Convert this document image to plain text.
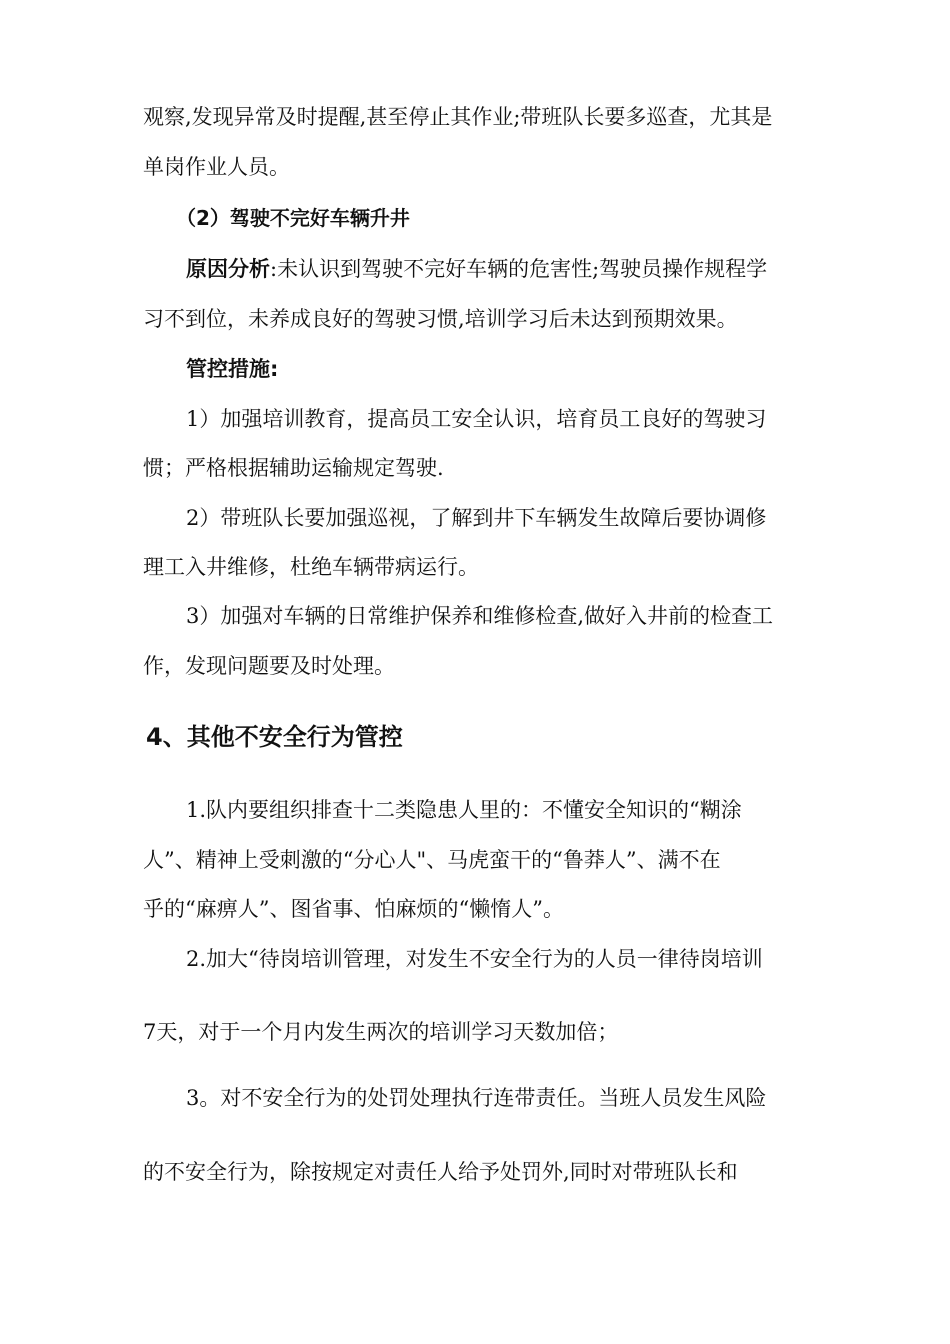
观察,发现异常及时提醒,甚至停止其作业;带班队长要多巡查，尤其是
单岗作业人员。
（2）驾驶不完好车辆升井
原因分析:未认识到驾驶不完好车辆的危害性;驾驶员操作规程学
习不到位，未养成良好的驾驶习惯,培训学习后未达到预期效果。
管控措施:
1）加强培训教育，提高员工安全认识，培育员工良好的驾驶习
惯；严格根据辅助运输规定驾驶.
2）带班队长要加强巡视，了解到井下车辆发生故障后要协调修
理工入井维修，杜绝车辆带病运行。
3）加强对车辆的日常维护保养和维修检查,做好入井前的检查工
作，发现问题要及时处理。
4、其他不安全行为管控
1.队内要组织排查十二类隐患人里的：不懂安全知识的“糊涂
人”、精神上受刺激的“分心人"、马虎蛮干的“鲁莽人”、满不在
乎的“麻痹人”、图省事、怕麻烦的“懒惰人”。
2.加大“待岗培训管理，对发生不安全行为的人员一律待岗培训
7天，对于一个月内发生两次的培训学习天数加倍；
3。对不安全行为的处罚处理执行连带责任。当班人员发生风险
的不安全行为，除按规定对责任人给予处罚外,同时对带班队长和
